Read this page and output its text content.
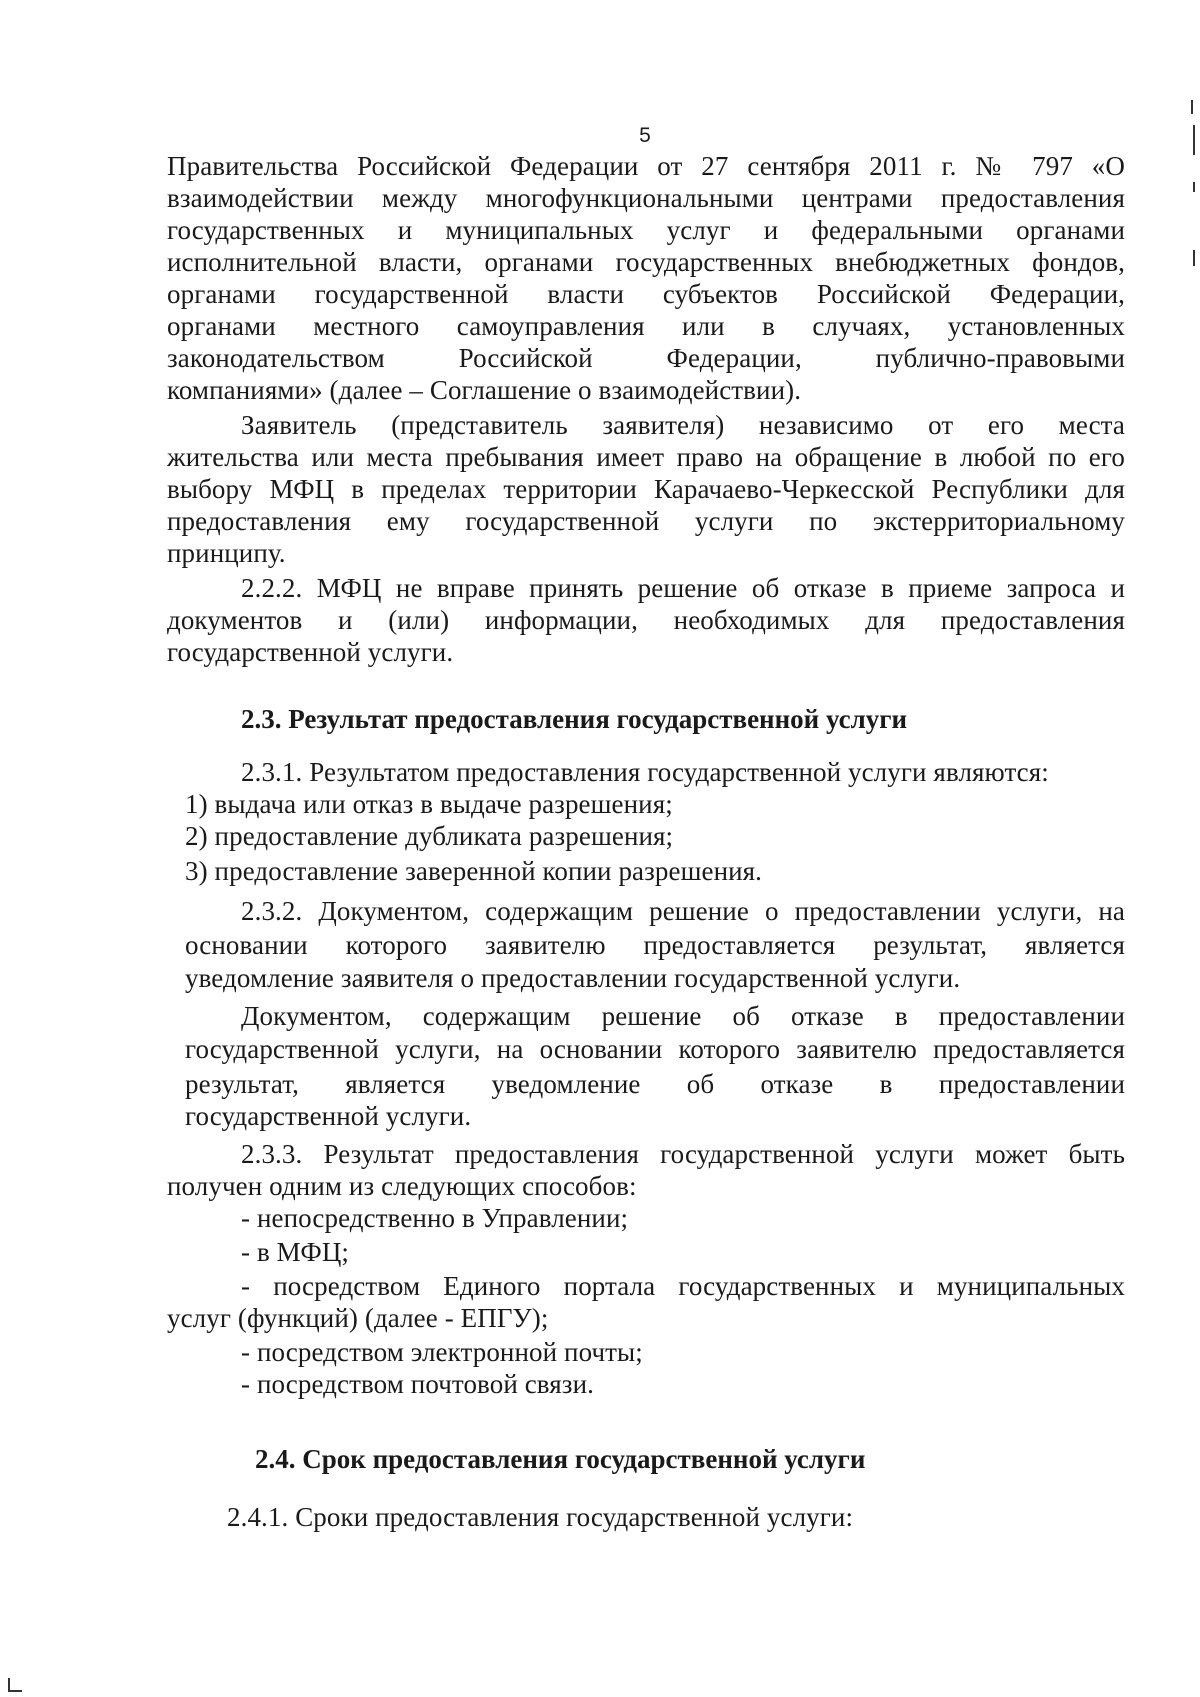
5
Правительства Российской Федерации от 27 сентября 2011 г. № 797 «О
взаимодействии между многофункциональными центрами предоставления
государственных и муниципальных услуг и федеральными органами
исполнительной власти, органами государственных внебюджетных фондов,
органами государственной власти субъектов Российской Федерации,
органами местного самоуправления или в случаях, установленных
законодательством Российской Федерации, публично-правовыми
компаниями» (далее – Соглашение о взаимодействии).
Заявитель (представитель заявителя) независимо от его места
жительства или места пребывания имеет право на обращение в любой по его
выбору МФЦ в пределах территории Карачаево-Черкесской Республики для
предоставления ему государственной услуги по экстерриториальному
принципу.
2.2.2. МФЦ не вправе принять решение об отказе в приеме запроса и
документов и (или) информации, необходимых для предоставления
государственной услуги.
2.3. Результат предоставления государственной услуги
2.3.1. Результатом предоставления государственной услуги являются:
1) выдача или отказ в выдаче разрешения;
2) предоставление дубликата разрешения;
3) предоставление заверенной копии разрешения.
2.3.2. Документом, содержащим решение о предоставлении услуги, на
основании которого заявителю предоставляется результат, является
уведомление заявителя о предоставлении государственной услуги.
Документом, содержащим решение об отказе в предоставлении
государственной услуги, на основании которого заявителю предоставляется
результат, является уведомление об отказе в предоставлении
государственной услуги.
2.3.3. Результат предоставления государственной услуги может быть
получен одним из следующих способов:
- непосредственно в Управлении;
- в МФЦ;
- посредством Единого портала государственных и муниципальных
услуг (функций) (далее - ЕПГУ);
- посредством электронной почты;
- посредством почтовой связи.
2.4. Срок предоставления государственной услуги
2.4.1. Сроки предоставления государственной услуги:
